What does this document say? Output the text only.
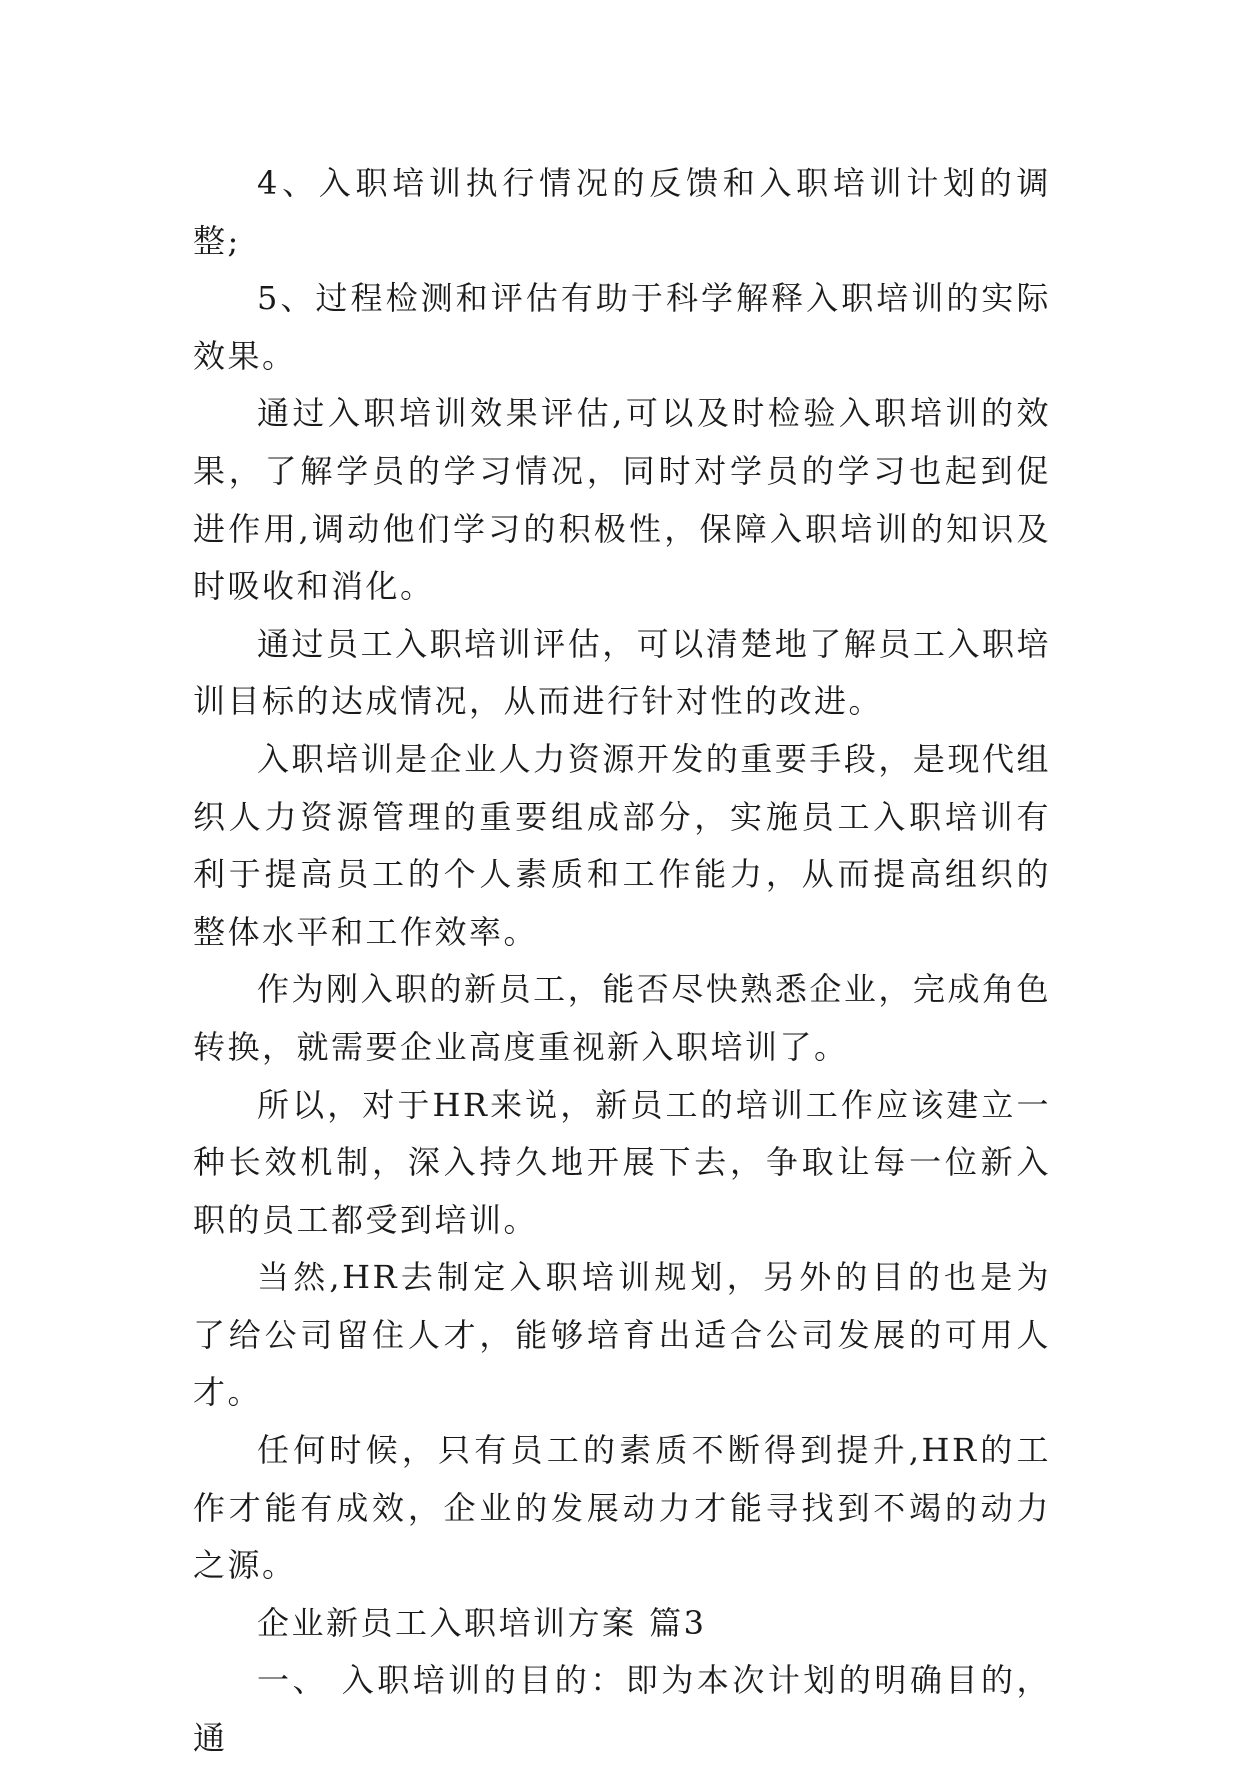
4、入职培训执行情况的反馈和入职培训计划的调整;

5、过程检测和评估有助于科学解释入职培训的实际效果。

通过入职培训效果评估,可以及时检验入职培训的效果，了解学员的学习情况，同时对学员的学习也起到促进作用,调动他们学习的积极性，保障入职培训的知识及时吸收和消化。

通过员工入职培训评估，可以清楚地了解员工入职培训目标的达成情况，从而进行针对性的改进。

入职培训是企业人力资源开发的重要手段，是现代组织人力资源管理的重要组成部分，实施员工入职培训有利于提高员工的个人素质和工作能力，从而提高组织的整体水平和工作效率。

作为刚入职的新员工，能否尽快熟悉企业，完成角色转换，就需要企业高度重视新入职培训了。

所以，对于HR来说，新员工的培训工作应该建立一种长效机制，深入持久地开展下去，争取让每一位新入职的员工都受到培训。

当然,HR去制定入职培训规划，另外的目的也是为了给公司留住人才，能够培育出适合公司发展的可用人才。

任何时候，只有员工的素质不断得到提升,HR的工作才能有成效，企业的发展动力才能寻找到不竭的动力之源。

企业新员工入职培训方案 篇3

一、 入职培训的目的：即为本次计划的明确目的， 通
